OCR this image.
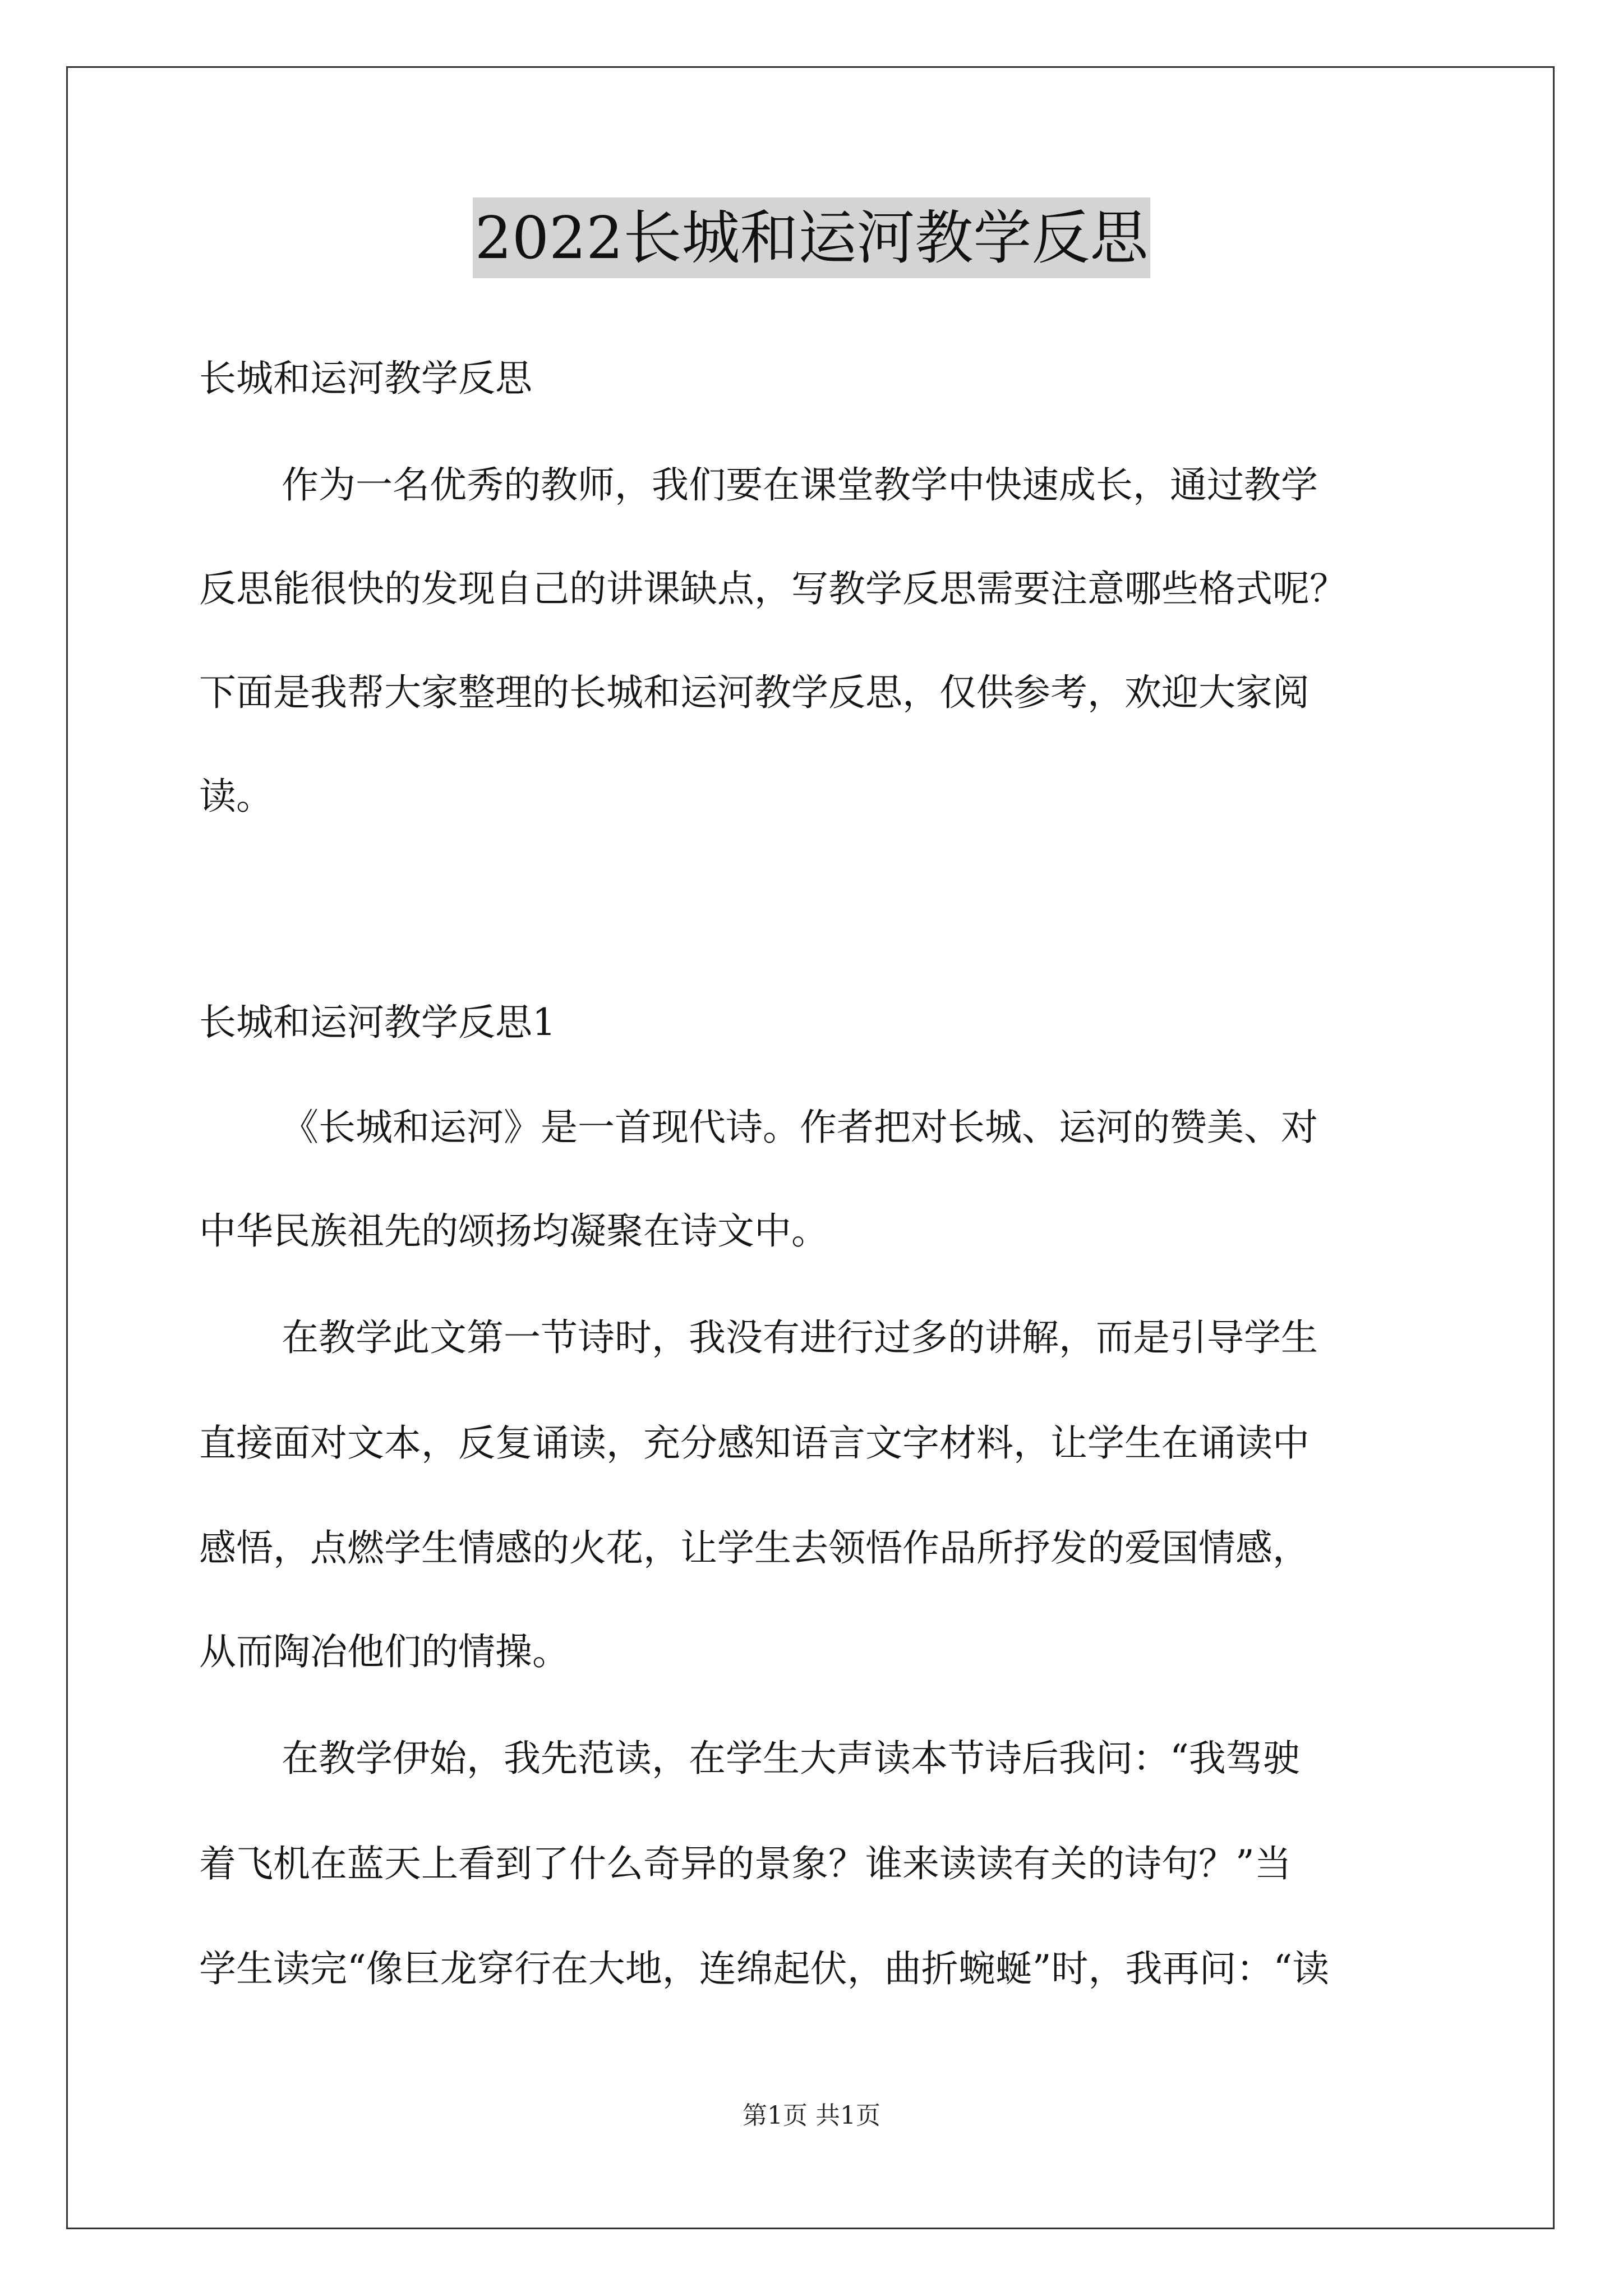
2022长城和运河教学反思
长城和运河教学反思
作为一名优秀的教师，我们要在课堂教学中快速成长，通过教学
反思能很快的发现自己的讲课缺点，写教学反思需要注意哪些格式呢？
下面是我帮大家整理的长城和运河教学反思，仅供参考，欢迎大家阅
读。
长城和运河教学反思1
《长城和运河》是一首现代诗。作者把对长城、运河的赞美、对
中华民族祖先的颂扬均凝聚在诗文中。
在教学此文第一节诗时，我没有进行过多的讲解，而是引导学生
直接面对文本，反复诵读，充分感知语言文字材料，让学生在诵读中
感悟，点燃学生情感的火花，让学生去领悟作品所抒发的爱国情感，
从而陶冶他们的情操。
在教学伊始，我先范读，在学生大声读本节诗后我问：“我驾驶
着飞机在蓝天上看到了什么奇异的景象？谁来读读有关的诗句？”当
学生读完“像巨龙穿行在大地，连绵起伏，曲折蜿蜒”时，我再问：“读
第1页 共1页
